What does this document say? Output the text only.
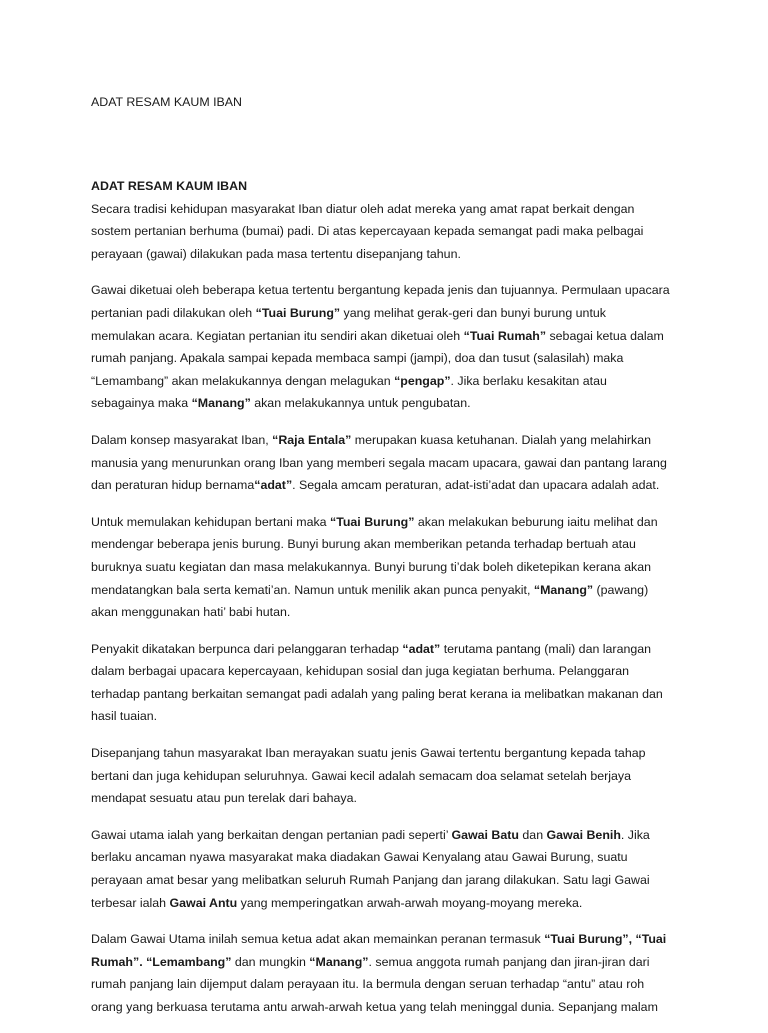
ADAT RESAM KAUM IBAN

ADAT RESAM KAUM IBAN

Secara tradisi kehidupan masyarakat Iban diatur oleh adat mereka yang amat rapat berkait dengan sostem pertanian berhuma (bumai) padi. Di atas kepercayaan kepada semangat padi maka pelbagai perayaan (gawai) dilakukan pada masa tertentu disepanjang tahun.

Gawai diketuai oleh beberapa ketua tertentu bergantung kepada jenis dan tujuannya. Permulaan upacara pertanian padi dilakukan oleh “Tuai Burung” yang melihat gerak-geri dan bunyi burung untuk memulakan acara. Kegiatan pertanian itu sendiri akan diketuai oleh “Tuai Rumah” sebagai ketua dalam rumah panjang. Apakala sampai kepada membaca sampi (jampi), doa dan tusut (salasilah) maka “Lemambang” akan melakukannya dengan melagukan “pengap”. Jika berlaku kesakitan atau sebagainya maka “Manang” akan melakukannya untuk pengubatan.

Dalam konsep masyarakat Iban, “Raja Entala” merupakan kuasa ketuhanan. Dialah yang melahirkan manusia yang menurunkan orang Iban yang memberi segala macam upacara, gawai dan pantang larang dan peraturan hidup bernama“adat”. Segala amcam peraturan, adat-isti’adat dan upacara adalah adat.

Untuk memulakan kehidupan bertani maka “Tuai Burung” akan melakukan beburung iaitu melihat dan mendengar beberapa jenis burung. Bunyi burung akan memberikan petanda terhadap bertuah atau buruknya suatu kegiatan dan masa melakukannya. Bunyi burung ti’dak boleh diketepikan kerana akan mendatangkan bala serta kemati’an. Namun untuk menilik akan punca penyakit, “Manang” (pawang) akan menggunakan hati’ babi hutan.

Penyakit dikatakan berpunca dari pelanggaran terhadap “adat” terutama pantang (mali) dan larangan dalam berbagai upacara kepercayaan, kehidupan sosial dan juga kegiatan berhuma. Pelanggaran terhadap pantang berkaitan semangat padi adalah yang paling berat kerana ia melibatkan makanan dan hasil tuaian.

Disepanjang tahun masyarakat Iban merayakan suatu jenis Gawai tertentu bergantung kepada tahap bertani dan juga kehidupan seluruhnya. Gawai kecil adalah semacam doa selamat setelah berjaya mendapat sesuatu atau pun terelak dari bahaya.

Gawai utama ialah yang berkaitan dengan pertanian padi seperti’ Gawai Batu dan Gawai Benih. Jika berlaku ancaman nyawa masyarakat maka diadakan Gawai Kenyalang atau Gawai Burung, suatu perayaan amat besar yang melibatkan seluruh Rumah Panjang dan jarang dilakukan. Satu lagi Gawai terbesar ialah Gawai Antu yang memperingatkan arwah-arwah moyang-moyang mereka.

Dalam Gawai Utama inilah semua ketua adat akan memainkan peranan termasuk “Tuai Burung”, “Tuai Rumah”. “Lemambang” dan mungkin “Manang”. semua anggota rumah panjang dan jiran-jiran dari rumah panjang lain dijemput dalam perayaan itu. Ia bermula dengan seruan terhadap “antu” atau roh orang yang berkuasa terutama antu arwah-arwah ketua yang telah meninggal dunia. Sepanjang malam
